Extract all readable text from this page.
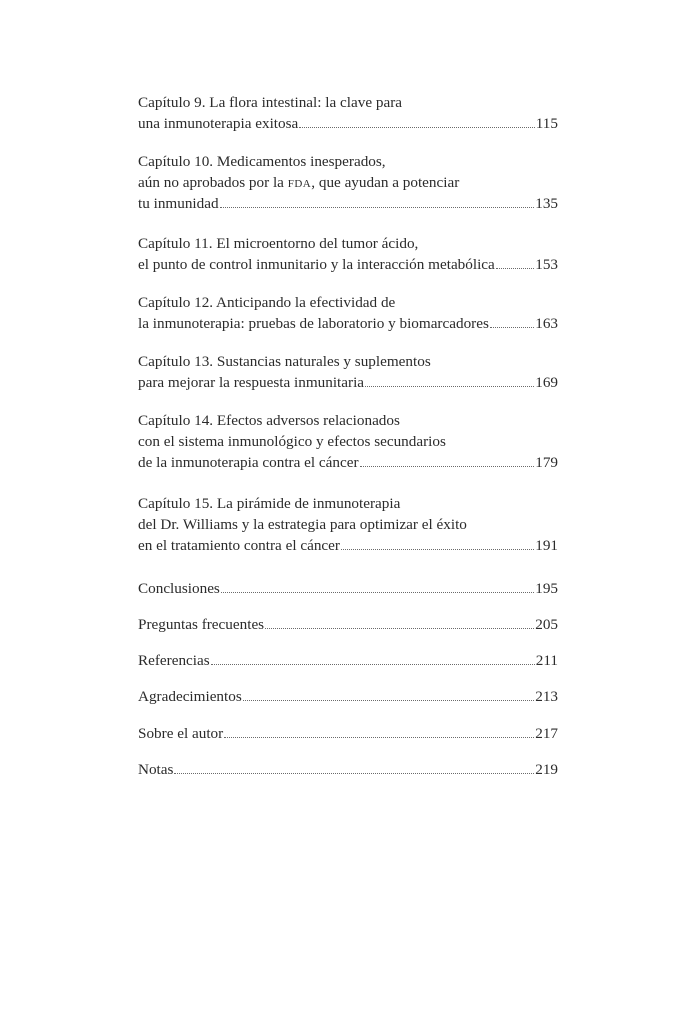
Capítulo 9. La flora intestinal: la clave para
una inmunoterapia exitosa	115
Capítulo 10. Medicamentos inesperados,
aún no aprobados por la FDA, que ayudan a potenciar
tu inmunidad	135
Capítulo 11. El microentorno del tumor ácido,
el punto de control inmunitario y la interacción metabólica	153
Capítulo 12. Anticipando la efectividad de
la inmunoterapia: pruebas de laboratorio y biomarcadores	163
Capítulo 13. Sustancias naturales y suplementos
para mejorar la respuesta inmunitaria	169
Capítulo 14. Efectos adversos relacionados
con el sistema inmunológico y efectos secundarios
de la inmunoterapia contra el cáncer	179
Capítulo 15. La pirámide de inmunoterapia
del Dr. Williams y la estrategia para optimizar el éxito
en el tratamiento contra el cáncer	191
Conclusiones	195
Preguntas frecuentes	205
Referencias	211
Agradecimientos	213
Sobre el autor	217
Notas	219
